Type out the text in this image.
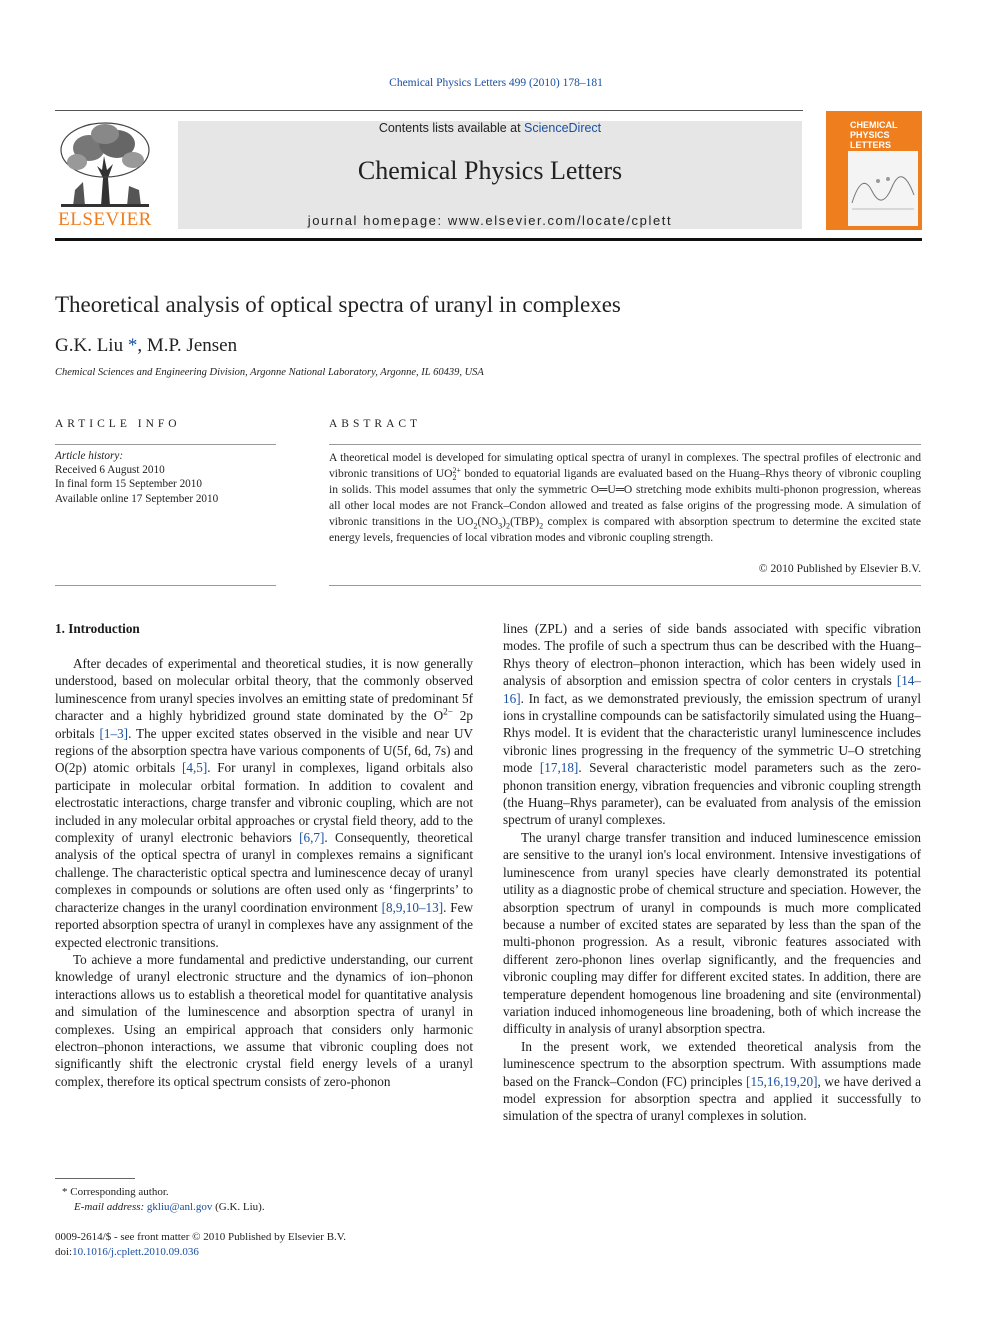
Chemical Physics Letters 499 (2010) 178–181
ELSEVIER
Contents lists available at ScienceDirect
Chemical Physics Letters
journal homepage: www.elsevier.com/locate/cplett
CHEMICAL
PHYSICS
LETTERS
Theoretical analysis of optical spectra of uranyl in complexes
G.K. Liu *, M.P. Jensen
Chemical Sciences and Engineering Division, Argonne National Laboratory, Argonne, IL 60439, USA
ARTICLE INFO
Article history:
Received 6 August 2010
In final form 15 September 2010
Available online 17 September 2010
ABSTRACT
A theoretical model is developed for simulating optical spectra of uranyl in complexes. The spectral profiles of electronic and vibronic transitions of UO 2+
2 bonded to equatorial ligands are evaluated based on the Huang–Rhys theory of vibronic coupling in solids. This model assumes that only the symmetric O═U═O stretching mode exhibits multi-phonon progression, whereas all other local modes are not Franck–Condon allowed and treated as false origins of the progressing mode. A simulation of vibronic transitions in the $UO_2(NO_3)_2(TBP)_2$ complex is compared with absorption spectrum to determine the excited state energy levels, frequencies of local vibration modes and vibronic coupling strength.
© 2010 Published by Elsevier B.V.
1. Introduction

After decades of experimental and theoretical studies, it is now generally understood, based on molecular orbital theory, that the commonly observed luminescence from uranyl species involves an emitting state of predominant 5f character and a highly hybridized ground state dominated by the $O^{2-}$ 2p orbitals [1–3]. The upper excited states observed in the visible and near UV regions of the absorption spectra have various components of U(5f, 6d, 7s) and O(2p) atomic orbitals [4,5]. For uranyl in complexes, ligand orbitals also participate in molecular orbital formation. In addition to covalent and electrostatic interactions, charge transfer and vibronic coupling, which are not included in any molecular orbital approaches or crystal field theory, add to the complexity of uranyl electronic behaviors [6,7]. Consequently, theoretical analysis of the optical spectra of uranyl in complexes remains a significant challenge. The characteristic optical spectra and luminescence decay of uranyl complexes in compounds or solutions are often used only as ‘fingerprints’ to characterize changes in the uranyl coordination environment [8,9,10–13]. Few reported absorption spectra of uranyl in complexes have any assignment of the expected electronic transitions.

To achieve a more fundamental and predictive understanding, our current knowledge of uranyl electronic structure and the dynamics of ion–phonon interactions allows us to establish a theoretical model for quantitative analysis and simulation of the luminescence and absorption spectra of uranyl in complexes. Using an empirical approach that considers only harmonic electron–phonon interactions, we assume that vibronic coupling does not significantly shift the electronic crystal field energy levels of a uranyl complex, therefore its optical spectrum consists of zero-phonon

lines (ZPL) and a series of side bands associated with specific vibration modes. The profile of such a spectrum thus can be described with the Huang–Rhys theory of electron–phonon interaction, which has been widely used in analysis of absorption and emission spectra of color centers in crystals [14–16]. In fact, as we demonstrated previously, the emission spectrum of uranyl ions in crystalline compounds can be satisfactorily simulated using the Huang–Rhys model. It is evident that the characteristic uranyl luminescence includes vibronic lines progressing in the frequency of the symmetric U–O stretching mode [17,18]. Several characteristic model parameters such as the zero-phonon transition energy, vibration frequencies and vibronic coupling strength (the Huang–Rhys parameter), can be evaluated from analysis of the emission spectrum of uranyl complexes.

The uranyl charge transfer transition and induced luminescence emission are sensitive to the uranyl ion's local environment. Intensive investigations of luminescence from uranyl species have clearly demonstrated its potential utility as a diagnostic probe of chemical structure and speciation. However, the absorption spectrum of uranyl in compounds is much more complicated because a number of excited states are separated by less than the span of the multi-phonon progression. As a result, vibronic features associated with different zero-phonon lines overlap significantly, and the frequencies and vibronic coupling may differ for different excited states. In addition, there are temperature dependent homogenous line broadening and site (environmental) variation induced inhomogeneous line broadening, both of which increase the difficulty in analysis of uranyl absorption spectra.

In the present work, we extended theoretical analysis from the luminescence spectrum to the absorption spectrum. With assumptions made based on the Franck–Condon (FC) principles [15,16,19,20], we have derived a model expression for absorption spectra and applied it successfully to simulation of the spectra of uranyl complexes in solution.

* Corresponding author.
E-mail address: gkliu@anl.gov (G.K. Liu).
0009-2614/$ - see front matter © 2010 Published by Elsevier B.V.
doi:10.1016/j.cplett.2010.09.036
